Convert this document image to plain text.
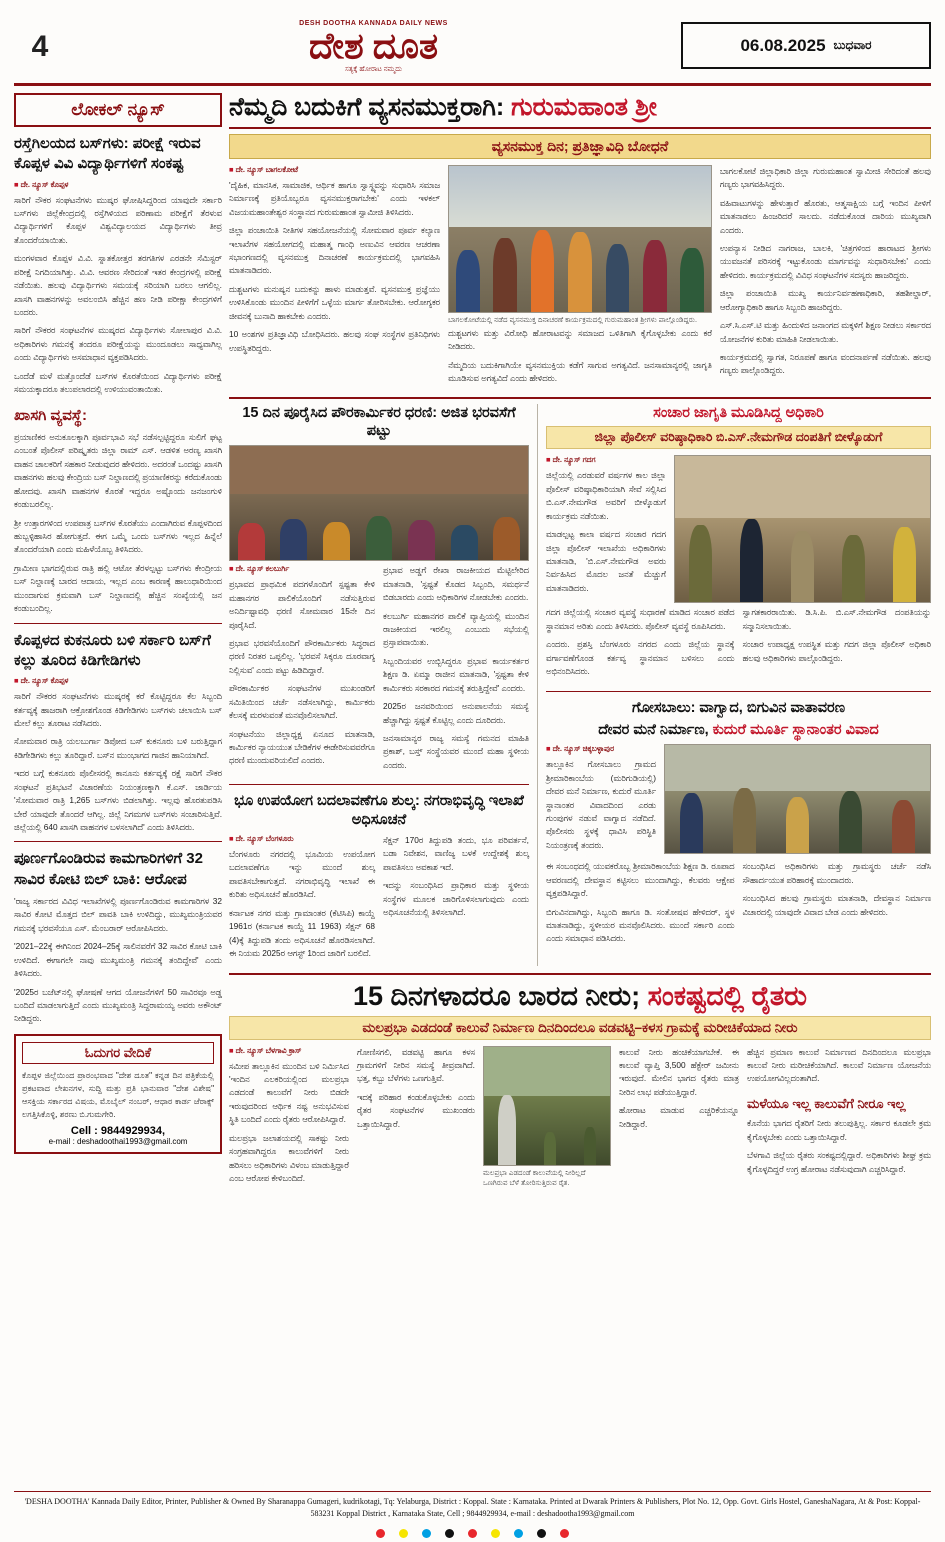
4
DESH DOOTHA KANNADA DAILY NEWS
ದೇಶ ದೂತ
ಸತ್ಯಕ್ಕೆ ಹೋರಾಟ ನಮ್ಮದು
06.08.2025 ಬುಧವಾರ
ಲೋಕಲ್ ನ್ಯೂಸ್
ರಸ್ತೆಗಿಲಯದ ಬಸ್‌ಗಳು: ಪರೀಕ್ಷೆ ಇರುವ ಕೊಪ್ಪಳ ವಿವಿ ವಿದ್ಯಾರ್ಥಿಗಳಿಗೆ ಸಂಕಷ್ಟ
■ ದೇ. ನ್ಯೂಸ್ ಕೊಪ್ಪಳ

ಸಾರಿಗೆ ನೌಕರ ಸಂಘಟನೆಗಳು ಮುಷ್ಕರ ಘೋಷಿಸಿದ್ದರಿಂದ ಯಾವುದೇ ಸರ್ಕಾರಿ ಬಸ್‌ಗಳು ಜಿಲ್ಲೆಕೇಂದ್ರದಲ್ಲಿ ರಸ್ತೆಗಿಳಿಯದ ಪರಿಣಾಮ ಪರೀಕ್ಷೆಗೆ ತೆರಳುವ ವಿದ್ಯಾರ್ಥಿಗಳಿಗೆ ಕೊಪ್ಪಳ ವಿಶ್ವವಿದ್ಯಾಲಯದ ವಿದ್ಯಾರ್ಥಿಗಳು ತೀವ್ರ ತೊಂದರೆಯಾಯಿತು.

ಮಂಗಳವಾರ ಕೊಪ್ಪಳ ವಿ.ವಿ. ಸ್ನಾತಕೋತ್ತರ ತರಗತಿಗಳ ಎರಡನೇ ಸೆಮಿಸ್ಟರ್ ಪರೀಕ್ಷೆ ನಿಗದಿಯಾಗಿತ್ತು. ವಿ.ವಿ. ಆವರಣ ಸೇರಿದಂತೆ ಇತರ ಕೇಂದ್ರಗಳಲ್ಲಿ ಪರೀಕ್ಷೆ ನಡೆಯಿತು. ಹಲವು ವಿದ್ಯಾರ್ಥಿಗಳು ಸಮಯಕ್ಕೆ ಸರಿಯಾಗಿ ಬರಲು ಆಗಲಿಲ್ಲ. ಖಾಸಗಿ ವಾಹನಗಳನ್ನು ಅವಲಂಬಿಸಿ ಹೆಚ್ಚಿನ ಹಣ ನೀಡಿ ಪರೀಕ್ಷಾ ಕೇಂದ್ರಗಳಿಗೆ ಬಂದರು.

ಸಾರಿಗೆ ನೌಕರರ ಸಂಘಟನೆಗಳ ಮುಷ್ಕರದ ವಿದ್ಯಾರ್ಥಿಗಳು ಸೋಲಾಪುರ ವಿ.ವಿ. ಅಧಿಕಾರಿಗಳು ಗಮನಕ್ಕೆ ತಂದರೂ ಪರೀಕ್ಷೆಯನ್ನು ಮುಂದೂಡಲು ಸಾಧ್ಯವಾಗಿಲ್ಲ ಎಂದು ವಿದ್ಯಾರ್ಥಿಗಳು ಅಸಮಾಧಾನ ವ್ಯಕ್ತಪಡಿಸಿದರು.

ಒಂದೆಡೆ ಮಳೆ ಮತ್ತೊಂದೆಡೆ ಬಸ್‌ಗಳ ಕೊರತೆಯಿಂದ ವಿದ್ಯಾರ್ಥಿಗಳು ಪರೀಕ್ಷೆ ಸಮಯಕ್ಕಾದರೂ ತಲುಪಲಾರದಲ್ಲಿ ಉಳಿಯುವಂತಾಯಿತು.

ಖಾಸಗಿ ವ್ಯವಸ್ಥೆ:

ಪ್ರಯಾಣಿಕರ ಅನುಕೂಲಕ್ಕಾಗಿ ಪೂರ್ವಭಾವಿ ಸಭೆ ನಡೆಸಲ್ಪಟ್ಟಿದ್ದರೂ ಸುಲಿಗೆ ಘಟ್ಟ ಎಂಬಂತೆ ಪೊಲೀಸ್ ಪರಿಷ್ಕೃತರು ಜಿಲ್ಲಾ ರಾಮ್ ಎಸ್. ಆಡಳಿತ ಅರಣ್ಯ ಖಾಸಗಿ ವಾಹನ ಚಾಲಕರಿಗೆ ಸಹಕಾರ ನೀಡುವುದರ ಹೇಳಿದರು. ಅದರಂತೆ ಒಂದಷ್ಟು ಖಾಸಗಿ ವಾಹನಗಳು ಹಲವು ಕೇಂದ್ರಿಯ ಬಸ್ ನಿಲ್ದಾಣದಲ್ಲಿ ಪ್ರಯಾಣಿಕರನ್ನು ಕರೆದುಕೊಂಡು ಹೋದವು. ಖಾಸಗಿ ವಾಹನಗಳ ಕೊರತೆ ಇದ್ದರೂ ಅಷ್ಟೊಂದು ಜನಜಂಗುಳಿ ಕಂಡುಬರಲಿಲ್ಲ.

ಶ್ರೀ ಉತ್ತಾರಗಳಿಂದ ಉಪಪಾತ್ರ ಬಸ್‌ಗಳ ಕೊರತೆಯು ಎಂದಾಗಿರುವ ಕೊಪ್ಪಳದಿಂದ ಹುಬ್ಬಳ್ಳಿಹಾಸಿರ ಹೋಗುತ್ತದೆ. ಈಗ ಒಮ್ಮೆ ಒಂದು ಬಸ್‌ಗಳು ಇಲ್ಲದ ಹಿನ್ನೆಲೆ ತೊಂದರೆಯಾಗಿ ಎಂದು ಮಹಿಳೆಯೊಬ್ಬ ತಿಳಿಸಿದರು.

ಗ್ರಾಮೀಣ ಭಾಗದಲ್ಲಿರುವ ರಾತ್ರಿ ಹಲ್ಲಿ ಆಟೋ ತೆರಳಲ್ಪಟ್ಟು ಬಸ್‌ಗಳು ಕೇಂದ್ರೀಯ ಬಸ್ ನಿಲ್ದಾಣಕ್ಕೆ ಬಾರದ ಆದಾಯ, ಇಲ್ಲದ ಎಂಬ ಕಾರಣಕ್ಕೆ ಹಾಲುಧಾರಿಯಿಂದ ಮುಂದಾಗುವ ಕ್ರಮವಾಗಿ ಬಸ್ ನಿಲ್ದಾಣದಲ್ಲಿ ಹೆಚ್ಚಿನ ಸಂಖ್ಯೆಯಲ್ಲಿ ಜನ ಕಂಡುಬಂದಿಲ್ಲ.

ಕೊಪ್ಪಳದ ಕುಕನೂರು ಬಳಿ ಸರ್ಕಾರಿ ಬಸ್‌ಗೆ ಕಲ್ಲು ತೂರಿದ ಕಿಡಿಗೇಡಿಗಳು
■ ದೇ. ನ್ಯೂಸ್ ಕೊಪ್ಪಳ

ಸಾರಿಗೆ ನೌಕರರ ಸಂಘಟನೆಗಳು ಮುಷ್ಕರಕ್ಕೆ ಕರೆ ಕೊಟ್ಟಿದ್ದರೂ ಕೆಲ ಸಿಬ್ಬಂದಿ ಕರ್ತವ್ಯಕ್ಕೆ ಹಾಜರಾಗಿ ಆಕ್ರೋಶಗೊಂಡ ಕಿಡಿಗೇಡಿಗಳು ಬಸ್‌ಗಳು ಚಲಾಯಿಸಿ ಬಸ್ ಮೇಲೆ ಕಲ್ಲು ತೂರಾಟ ನಡೆಸಿದರು.

ಸೋಮವಾರ ರಾತ್ರಿ ಯಲಬುರ್ಗಾ ಡಿಪೋದ ಬಸ್ ಕುಕನೂರು ಬಳಿ ಬರುತ್ತಿದ್ದಾಗ ಕಿಡಿಗೇಡಿಗಳು ಕಲ್ಲು ತೂರಿದ್ದಾರೆ. ಬಸ್‌ನ ಮುಂಭಾಗದ ಗಾಜಿನ ಹಾನಿಯಾಗಿದೆ.

ಇದರ ಬಗ್ಗೆ ಕುಕನೂರು ಪೊಲೀಸರಲ್ಲಿ ಕಾನೂನು ಕರ್ತವ್ಯಕ್ಕೆ ರಕ್ಷೆ ಸಾರಿಗೆ ನೌಕರ ಸಂಘಟನೆ ಪ್ರತಿಭಟನೆ ವಿಚಾರಣೆಯ ನಿಯಂತ್ರಣಕ್ಕಾಗಿ ಕೆ.ಎಸ್. ಜಾರ್ಡಿಯ 'ಸೋಮವಾರ ರಾತ್ರಿ 1,265 ಬಸ್‌ಗಳು ಬಿಡಲಾಗಿತ್ತು. ಇಲ್ಲವು ಹೊರತುಪಡಿಸಿ ಬೇರೆ ಯಾವುದೇ ತೊಂದರೆ ಆಗಿಲ್ಲ. ಜಿಲ್ಲೆ ನಿಗಮಗಳ ಬಸ್‌ಗಳು ಸಂಚಾರಿಸುತ್ತಿವೆ. ಜಿಲ್ಲೆಯಲ್ಲಿ 640 ಖಾಸಗಿ ವಾಹನಗಳ ಬಳಸಲಾಗಿದೆ' ಎಂದು ತಿಳಿಸಿದರು.

ಪೂರ್ಣಗೊಂಡಿರುವ ಕಾಮಗಾರಿಗಳಿಗೆ 32 ಸಾವಿರ ಕೋಟಿ ಬಿಲ್ ಬಾಕಿ: ಆರೋಪ

'ರಾಜ್ಯ ಸರ್ಕಾರದ ವಿವಿಧ ಇಲಾಖೆಗಳಲ್ಲಿ ಪೂರ್ಣಗೊಂಡಿರುವ ಕಾಮಗಾರಿಗಳ 32 ಸಾವಿರ ಕೋಟಿ ಮೊತ್ತದ ಬಿಲ್ ಪಾವತಿ ಬಾಕಿ ಉಳಿದಿದ್ದು, ಮುಖ್ಯಮಂತ್ರಿಯವರ ಗಮನಕ್ಕೆ ಭರವಸೆಯೂ ಎಸ್. ಮೆಂಬರಾರ್ ಆರೋಪಿಸಿದರು.

'2021–22ಕ್ಕೆ ಈಗಿನಿಂದ 2024–25ಕ್ಕೆ ಸಾಲಿನವರೆಗೆ 32 ಸಾವಿರ ಕೋಟಿ ಬಾಕಿ ಉಳಿದಿದೆ. ಈಗಾಗಲೇ ನಾವು ಮುಖ್ಯಮಂತ್ರಿ ಗಮನಕ್ಕೆ ತಂದಿದ್ದೇವೆ' ಎಂದು ತಿಳಿಸಿದರು.

'2025ರ ಬಜೆಟ್‌ನಲ್ಲಿ ಘೋಷಣೆ ಆಗದ ಯೋಜನೆಗಳಿಗೆ 50 ಸಾವಿರವೂ ಅಡ್ಡ ಬಂದಿದೆ ಮಾಡಲಾಗುತ್ತಿದೆ ಎಂದು ಮುಖ್ಯಮಂತ್ರಿ ಸಿದ್ದರಾಮಯ್ಯ ಅವರು ಅಕೌಂಟ್ ನೀಡಿದ್ದರು.

ಓದುಗರ ವೇದಿಕೆ
ಕೊಪ್ಪಳ ಜಿಲ್ಲೆಯಿಂದ ಪ್ರಾರಂಭವಾದ "ದೇಶ ದೂತ" ಕನ್ನಡ ದಿನ ಪತ್ರಿಕೆಯಲ್ಲಿ ಪ್ರಕಟವಾದ ಲೇಖನಗಳ, ಸುದ್ದಿ ಮತ್ತು ಪ್ರತಿ ಭಾನುವಾರ "ದೇಶ ವಿಶೇಷ" ಆಸಕ್ತಿಯ ಸರ್ಕಾರದ ವಿಷಯ, ಮೊಬೈಲ್ ನಂಬರ್, ಆಧಾರ ಕಾರ್ಡ ಜೆರಾಕ್ಸ್ ಲಗತ್ತಿಸಿಕೊಳ್ಳಿ, ಶರಣು ಬಿ.ಗುಮಗೇರಿ.
Cell : 9844929934,
e-mail : deshadoothai1993@gmail.com
ನೆಮ್ಮದಿ ಬದುಕಿಗೆ ವ್ಯಸನಮುಕ್ತರಾಗಿ: ಗುರುಮಹಾಂತ ಶ್ರೀ
ವ್ಯಸನಮುಕ್ತ ದಿನ; ಪ್ರತಿಜ್ಞಾವಿಧಿ ಬೋಧನೆ
■ ದೇ. ನ್ಯೂಸ್ ಬಾಗಲಕೋಟೆ

'ದೈಹಿಕ, ಮಾನಸಿಕ, ಸಾಮಾಜಿಕ, ಆರ್ಥಿಕ ಹಾಗೂ ಸ್ವಾಸ್ಥ್ಯವನ್ನು ಸುಧಾರಿಸಿ ಸಮಾಜ ನಿರ್ಮಾಣಕ್ಕೆ ಪ್ರತಿಯೊಬ್ಬರೂ ವ್ಯಸನಮುಕ್ತರಾಗಬೇಕು' ಎಂದು ಇಳಕಲ್ ವಿಜಯಮಹಾಂತೇಶ್ವರ ಸಂಸ್ಥಾನದ ಗುರುಮಹಾಂತ ಸ್ವಾಮೀಜಿ ತಿಳಿಸಿದರು.

ಜಿಲ್ಲಾ ಪಂಚಾಯಿತಿ ನೀತಿಗಳ ಸಹಯೋಜನೆಯಲ್ಲಿ ಸೋಮವಾರ ಪೂರ್ವ ಕಲ್ಯಾಣ ಇಲಾಖೆಗಳ ಸಹಯೋಗದಲ್ಲಿ ಮಹಾತ್ಮ ಗಾಂಧಿ ಅಣುವಿನ ಆವರಣ ಆಚರಣಾ ಸಭಾಂಗಣದಲ್ಲಿ ವ್ಯಸನಮುಕ್ತ ದಿನಾಚರಣೆ ಕಾರ್ಯಕ್ರಮದಲ್ಲಿ ಭಾಗವಹಿಸಿ ಮಾತನಾಡಿದರು.

ದುಶ್ಚಟಗಳು ಮನುಷ್ಯನ ಬದುಕನ್ನು ಹಾಳು ಮಾಡುತ್ತವೆ. ವ್ಯಸನಮುಕ್ತ ಪ್ರಜ್ಞೆಯು ಉಳಿಸಿಕೊಂಡು ಮುಂದಿನ ಪೀಳಿಗೆಗೆ ಒಳ್ಳೆಯ ಮಾರ್ಗ ತೋರಿಸಬೇಕು. ಆರೋಗ್ಯಕರ ಜೀವನಕ್ಕೆ ಬುನಾದಿ ಹಾಕಬೇಕು ಎಂದರು.

10 ಅಂಶಗಳ ಪ್ರತಿಜ್ಞಾವಿಧಿ ಬೋಧಿಸಿದರು. ಹಲವು ಸಂಘ ಸಂಸ್ಥೆಗಳ ಪ್ರತಿನಿಧಿಗಳು ಉಪಸ್ಥಿತರಿದ್ದರು.

ಬಾಗಲಕೋಟೆಯಲ್ಲಿ ನಡೆದ ವ್ಯಸನಮುಕ್ತ ದಿನಾಚರಣೆ ಕಾರ್ಯಕ್ರಮದಲ್ಲಿ ಗುರುಮಹಾಂತ ಶ್ರೀಗಳು ಪಾಲ್ಗೊಂಡಿದ್ದರು.

ದುಶ್ಚಟಗಳು ಮತ್ತು ವಿರೋಧಿ ಹೋರಾಟವನ್ನು ಸಮಾಜದ ಒಳಿತಿಗಾಗಿ ಕೈಗೊಳ್ಳಬೇಕು ಎಂದು ಕರೆ ನೀಡಿದರು.

ನೆಮ್ಮದಿಯ ಬದುಕಿಗಾಗಿಯೇ ವ್ಯಸನಮುಕ್ತಿಯ ಕಡೆಗೆ ಸಾಗುವ ಅಗತ್ಯವಿದೆ. ಜನಸಾಮಾನ್ಯರಲ್ಲಿ ಜಾಗೃತಿ ಮೂಡಿಸುವ ಅಗತ್ಯವಿದೆ ಎಂದು ಹೇಳಿದರು.

ಬಾಗಲಕೋಟೆ ಜಿಲ್ಲಾಧಿಕಾರಿ ಜಿಲ್ಲಾ ಗುರುಮಹಾಂತ ಸ್ವಾಮೀಜಿ ಸೇರಿದಂತೆ ಹಲವು ಗಣ್ಯರು ಭಾಗವಹಿಸಿದ್ದರು.

ವಹಿವಾಟುಗಳನ್ನು ಹೇಳುತ್ತಾರೆ ಹೊರತು, ಆತ್ಮಸಾಕ್ಷಿಯ ಬಗ್ಗೆ ಇಂದಿನ ಪೀಳಿಗೆ ಮಾತನಾಡಲು ಹಿಂಜರಿದರೆ ಸಾಲದು. ನಡೆದುಕೊಂಡ ದಾರಿಯ ಮುಖ್ಯವಾಗಿ ಎಂದರು.

ಉಪನ್ಯಾಸ ನೀಡಿದ ನಾಗರಾಜ, ಬಾಲಕಿ, 'ಚಿತ್ರಗಳಿಂದ ಹಾರಾಟದ ಶ್ರೀಗಳು ಯುವಜನತೆ ಪರಿಸರಕ್ಕೆ ಇಟ್ಟುಕೊಂಡು ಮಾರ್ಗವನ್ನು ಸುಧಾರಿಸಬೇಕು' ಎಂದು ಹೇಳಿದರು. ಕಾರ್ಯಕ್ರಮದಲ್ಲಿ ವಿವಿಧ ಸಂಘಟನೆಗಳ ಸದಸ್ಯರು ಹಾಜರಿದ್ದರು.

ಜಿಲ್ಲಾ ಪಂಚಾಯಿತಿ ಮುಖ್ಯ ಕಾರ್ಯನಿರ್ವಹಣಾಧಿಕಾರಿ, ತಹಶೀಲ್ದಾರ್, ಆರೋಗ್ಯಾಧಿಕಾರಿ ಹಾಗೂ ಸಿಬ್ಬಂದಿ ಹಾಜರಿದ್ದರು.

ಎಸ್.ಸಿ.ಎಸ್.ಟಿ ಮತ್ತು ಹಿಂದುಳಿದ ಜನಾಂಗದ ಮಕ್ಕಳಿಗೆ ಶಿಕ್ಷಣ ನೀಡಲು ಸರ್ಕಾರದ ಯೋಜನೆಗಳ ಕುರಿತು ಮಾಹಿತಿ ನೀಡಲಾಯಿತು.

ಕಾರ್ಯಕ್ರಮದಲ್ಲಿ ಸ್ವಾಗತ, ನಿರೂಪಣೆ ಹಾಗೂ ವಂದನಾರ್ಪಣೆ ನಡೆಯಿತು. ಹಲವು ಗಣ್ಯರು ಪಾಲ್ಗೊಂಡಿದ್ದರು.

15 ದಿನ ಪೂರೈಸಿದ ಪೌರಕಾರ್ಮಿಕರ ಧರಣಿ: ಅಜಿತ ಭರವಸೆಗೆ ಪಟ್ಟು
■ ದೇ. ನ್ಯೂಸ್ ಕಲಬುರ್ಗಿ

ಪ್ರಭಾವದ ಪ್ರಾಥಮಿಕ ಪದಗಳೊಂದಿಗೆ ಸ್ಪಷ್ಟತಾ ಕೇಳಿ ಮಹಾನಗರ ಪಾಲಿಕೆಯೊಂದಿಗೆ ನಡೆಸುತ್ತಿರುವ ಅನಿರ್ದಿಷ್ಟಾವಧಿ ಧರಣಿ ಸೋಮವಾರ 15ನೇ ದಿನ ಪೂರೈಸಿದೆ.

ಪ್ರಭಾವ ಭರವಸೆಯೊಂದಿಗೆ ಪೌರಕಾರ್ಮಿಕರು ಸಿದ್ಧರಾದ ಧರಣಿ ನಿರತರ ಒಪ್ಪಲಿಲ್ಲ. 'ಭರವಸೆ ಸಿಕ್ಕರೂ ದೂರವಾಗ್ಯ ನಿಲ್ಲಿಸುವ' ಎಂದು ಪಟ್ಟು ಹಿಡಿದಿದ್ದಾರೆ.

ಪೌರಕಾರ್ಮಿಕರ ಸಂಘಟನೆಗಳ ಮುಖಂಡರಿಗೆ ಸಮಿತಿಯಿಂದ ಚರ್ಚೆ ನಡೆಸಲಾಗಿದ್ದು, ಕಾರ್ಮಿಕರು ಕೆಲಸಕ್ಕೆ ಮರಳುವಂತೆ ಮನವೊಲಿಸಲಾಗಿದೆ.

ಸಂಘಟನೆಯು ಜಿಲ್ಲಾಧ್ಯಕ್ಷ ಏನೂದ ಮಾತನಾಡಿ, ಕಾರ್ಮಿಕರ ನ್ಯಾಯಯುತ ಬೇಡಿಕೆಗಳ ಈಡೇರಿಸುವವರೆಗೂ ಧರಣಿ ಮುಂದುವರಿಯಲಿದೆ ಎಂದರು.

ಪ್ರಭಾವ ಅಡ್ಡಗೆ ರೇಖಾ ರಾಜಕೀಯದ ಮೆಟ್ಟಿಲೇರಿದ ಮಾತನಾಡಿ, 'ಸ್ಪಷ್ಟತೆ ಕೊಡದ ಸಿಬ್ಬಂದಿ, ಸಮರ್ಥನೆ ಬಿಡಬಾರದು ಎಂದು ಅಧಿಕಾರಿಗಳ ನೋಡಬೇಕು ಎಂದರು.

ಕಲಬುರ್ಗಿ ಮಹಾನಗರ ಪಾಲಿಕೆ ವ್ಯಾಪ್ತಿಯಲ್ಲಿ ಮುಂದಿನ ರಾಜಕೀಯದ ಇರಲಿಲ್ಲ ಎಂಬುದು ಸಭೆಯಲ್ಲಿ ಪ್ರಸ್ತಾಪವಾಯಿತು.

ಸಿಬ್ಬಂದಿಯವರ ಉಬ್ಬಿಸಿದ್ದರೂ ಪ್ರಭಾವ ಕಾರ್ಯಕರ್ತರ ಶಿಕ್ಷಣ ಡಿ. ಏಮ್ಮಾ ರಾಜೀನ ಮಾತನಾಡಿ, 'ಸ್ಪಷ್ಟತಾ ಕೇಳಿ ಕಾರ್ಮಿಕರು ಸರಕಾರದ ಗಮನಕ್ಕೆ ತರುತ್ತಿದ್ದೇವೆ' ಎಂದರು.

2025ರ ಜನವರಿಯಿಂದ ಅನುಪಾಲನೆಯ ಸಮಸ್ಯೆ ಹೆಚ್ಚಾಗಿದ್ದು ಸ್ಪಷ್ಟತೆ ಕೊಟ್ಟಿಲ್ಲ ಎಂದು ದೂರಿದರು.

ಜನಸಾಮಾನ್ಯರ ರಾಜ್ಯ ಸಮಸ್ಯೆ ಗಮನದ ಮಾಹಿತಿ ಪ್ರಕಾಶ್, ಬಸ್ತ್ ಸಂಸ್ಥೆಯವರ ಮುಂದೆ ಮಹಾ ಸ್ಥಳೀಯ ಎಂದರು.

ಭೂ ಉಪಯೋಗ ಬದಲಾವಣೆಗೂ ಶುಲ್ಕ: ನಗರಾಭಿವೃದ್ಧಿ ಇಲಾಖೆ ಅಧಿಸೂಚನೆ
■ ದೇ. ನ್ಯೂಸ್ ಬೆಂಗಳೂರು

ಬೆಂಗಳೂರು ನಗರದಲ್ಲಿ ಭೂಮಿಯ ಉಪಯೋಗ ಬದಲಾವಣೆಗೂ ಇನ್ನು ಮುಂದೆ ಶುಲ್ಕ ಪಾವತಿಸಬೇಕಾಗುತ್ತದೆ. ನಗರಾಭಿವೃದ್ಧಿ ಇಲಾಖೆ ಈ ಕುರಿತು ಅಧಿಸೂಚನೆ ಹೊರಡಿಸಿದೆ.

ಕರ್ನಾಟಕ ನಗರ ಮತ್ತು ಗ್ರಾಮಾಂತರ (ಕೆಟಿಸಿಪಿ) ಕಾಯ್ದೆ 1961ರ (ಕರ್ನಾಟಕ ಕಾಯ್ದೆ 11 1963) ಸೆಕ್ಷನ್ 68 (4)ಕ್ಕೆ ತಿದ್ದುಪಡಿ ತಂದು ಅಧಿಸೂಚನೆ ಹೊರಡಿಸಲಾಗಿದೆ. ಈ ನಿಯಮ 2025ರ ಆಗಸ್ಟ್ 1ರಿಂದ ಜಾರಿಗೆ ಬರಲಿದೆ.

ಸೆಕ್ಷನ್ 170ರ ತಿದ್ದುಪಡಿ ತಂದು, ಭೂ ಪರಿವರ್ತನೆ, ಬಡಾ ನಿವೇಶನ, ವಾಣಿಜ್ಯ ಬಳಕೆ ಉದ್ದೇಶಕ್ಕೆ ಶುಲ್ಕ ಪಾವತಿಸಲು ಅವಕಾಶ ಇದೆ.

ಇದನ್ನು ಸಂಬಂಧಿಸಿದ ಪ್ರಾಧಿಕಾರ ಮತ್ತು ಸ್ಥಳೀಯ ಸಂಸ್ಥೆಗಳ ಮೂಲಕ ಜಾರಿಗೊಳಿಸಲಾಗುವುದು ಎಂದು ಅಧಿಸೂಚನೆಯಲ್ಲಿ ತಿಳಿಸಲಾಗಿದೆ.

ಸಂಚಾರ ಜಾಗೃತಿ ಮೂಡಿಸಿದ್ದ ಅಧಿಕಾರಿ
ಜಿಲ್ಲಾ ಪೊಲೀಸ್ ವರಿಷ್ಠಾಧಿಕಾರಿ ಬಿ.ಎಸ್.ನೇಮಗೌಡ ದಂಪತಿಗೆ ಬೀಳ್ಕೊಡುಗೆ
■ ದೇ. ನ್ಯೂಸ್ ಗದಗ

ಜಿಲ್ಲೆಯಲ್ಲಿ ಎರಡುವರೆ ವರ್ಷಗಳ ಕಾಲ ಜಿಲ್ಲಾ ಪೊಲೀಸ್ ವರಿಷ್ಠಾಧಿಕಾರಿಯಾಗಿ ಸೇವೆ ಸಲ್ಲಿಸಿದ ಬಿ.ಎಸ್.ನೇಮಗೌಡ ಅವರಿಗೆ ಬೀಳ್ಕೊಡುಗೆ ಕಾರ್ಯಕ್ರಮ ನಡೆಯಿತು.

ಮಾಡಲ್ಪಟ್ಟ ಕಾಲಾ ವರ್ಷದ ಸಂಚಾರ ಗದಗ ಜಿಲ್ಲಾ ಪೊಲೀಸ್ ಇಲಾಖೆಯ ಅಧಿಕಾರಿಗಳು ಮಾತನಾಡಿ, 'ಬಿ.ಎಸ್.ನೇಮಗೌಡ ಅವರು ನಿರ್ವಹಿಸಿದ ಮೊದಲ ಜನತೆ ಮೆಚ್ಚುಗೆ ಮಾತನಾಡಿದರು.

ಗದಗ ಜಿಲ್ಲೆಯಲ್ಲಿ ಸಂಚಾರ ವ್ಯವಸ್ಥೆ ಸುಧಾರಣೆ ಮಾಡಿದ ಸಂಚಾರ ಪಡೆದ ಸ್ಥಾನಮಾನ ಅರಿತು ಎಂದು ತಿಳಿಸಿದರು. ಪೊಲೀಸ್ ವ್ಯವಸ್ಥೆ ರೂಪಿಸಿದರು.

ಎಂದರು. ಪ್ರಶಸ್ತಿ ಬೆಂಗಳೂರು ನಗರದ ಎಂದು ಜಿಲ್ಲೆಯ ಸ್ಥಾನಕ್ಕೆ ವರ್ಗಾವಣೆಗೊಂಡ ಕರ್ತವ್ಯ ಸ್ಥಾನಮಾನ ಬಳಿಸಲು ಎಂದು ಅಭಿನಂದಿಸಿದರು.

ಸ್ವಾಗತಕಾರರಾಯಿತು. ಡಿ.ಸಿ.ಪಿ. ಬಿ.ಎಸ್.ನೇಮಗೌಡ ದಂಪತಿಯನ್ನು ಸನ್ಮಾನಿಸಲಾಯಿತು.

ಸಂಚಾರ ಉಪಾಧ್ಯಕ್ಷ ಉಪಸ್ಥಿತ ಮತ್ತು ಗದಗ ಜಿಲ್ಲಾ ಪೊಲೀಸ್ ಅಧಿಕಾರಿ ಹಲವು ಅಧಿಕಾರಿಗಳು ಪಾಲ್ಗೊಂಡಿದ್ದರು.

ಗೋಸಬಾಲು: ವಾಗ್ವಾದ, ಬಿಗುವಿನ ವಾತಾವರಣ
ದೇವರ ಮನೆ ನಿರ್ಮಾಣ, ಕುದುರೆ ಮೂರ್ತಿ ಸ್ಥಾನಾಂತರ ವಿವಾದ
■ ದೇ. ನ್ಯೂಸ್ ಚಿಕ್ಕಬಳ್ಳಾಪುರ

ತಾಲ್ಲೂಕಿನ ಗೋಸಬಾಲು ಗ್ರಾಮದ ಶ್ರೀಮಾರಿಕಾಂಬೆಯ (ಮರಿಗುಡಿಯಲ್ಲಿ) ದೇವರ ಮನೆ ನಿರ್ಮಾಣ, ಕುದುರೆ ಮೂರ್ತಿ ಸ್ಥಾನಾಂತರ ವಿವಾದದಿಂದ ಎರಡು ಗುಂಪುಗಳ ನಡುವೆ ವಾಗ್ವಾದ ನಡೆದಿದೆ. ಪೊಲೀಸರು ಸ್ಥಳಕ್ಕೆ ಧಾವಿಸಿ ಪರಿಸ್ಥಿತಿ ನಿಯಂತ್ರಣಕ್ಕೆ ತಂದರು.

ಈ ಸಂಬಂಧದಲ್ಲಿ ಯುವಕರೊಬ್ಬ ಶ್ರೀಮಾರಿಕಾಂಬೆಯ ಶಿಕ್ಷಣ ಡಿ. ರೂಪಾದ ಆವರಣದಲ್ಲಿ ದೇವಸ್ಥಾನ ಕಟ್ಟಿಸಲು ಮುಂದಾಗಿದ್ದು, ಕೆಲವರು ಆಕ್ಷೇಪ ವ್ಯಕ್ತಪಡಿಸಿದ್ದಾರೆ.

ಬಿಗುವಿನದಾಗಿದ್ದು, ಸಿಬ್ಬಂದಿ ಹಾಗೂ ಡಿ. ಸಂತೋಷವ ಹೇಳಿದರ್, ಸ್ಥಳ ಮಾತನಾಡಿದ್ದು, ಸ್ಥಳೀಯರ ಮನವೊಲಿಸಿದರು. ಮುಂದೆ ಸರ್ಕಾರಿ ಎಂದು ಎಂದು ಸಮಾಧಾನ ಪಡಿಸಿದರು.

ಸಂಬಂಧಿಸಿದ ಅಧಿಕಾರಿಗಳು ಮತ್ತು ಗ್ರಾಮಸ್ಥರು ಚರ್ಚೆ ನಡೆಸಿ ಸೌಹಾರ್ದಯುತ ಪರಿಹಾರಕ್ಕೆ ಮುಂದಾದರು.

ಸಂಬಂಧಿಸಿದ ಹಲವು ಗ್ರಾಮಸ್ಥರು ಮಾತನಾಡಿ, ದೇವಸ್ಥಾನ ನಿರ್ಮಾಣ ವಿಚಾರದಲ್ಲಿ ಯಾವುದೇ ವಿವಾದ ಬೇಡ ಎಂದು ಹೇಳಿದರು.

15 ದಿನಗಳಾದರೂ ಬಾರದ ನೀರು; ಸಂಕಷ್ಟದಲ್ಲಿ ರೈತರು
ಮಲಪ್ರಭಾ ಎಡದಂಡೆ ಕಾಲುವೆ ನಿರ್ಮಾಣ ದಿನದಿಂದಲೂ ವಡವಟ್ಟಿ–ಕಳಸ ಗ್ರಾಮಕ್ಕೆ ಮರೀಚಿಕೆಯಾದ ನೀರು
■ ದೇ. ನ್ಯೂಸ್ ಬೆಳಗಾವಿ ಕ್ರಾಸ್

ಸಮೀಪ ತಾಲ್ಲೂಕಿನ ಮುಂದಿನ ಬಳಿ ನಿರ್ಮಿಸಿದ 'ಇಂದಿನ ಎಲಕರಿಯಲ್ಲಿಂದ ಮಲಪ್ರಭಾ ಎಡದಂಡೆ ಕಾಲುವೆಗೆ ನೀರು ಬಿಡದೇ ಇರುವುದರಿಂದ ಆರ್ಥಿಕ ನಷ್ಟ ಅನುಭವಿಸುವ ಸ್ಥಿತಿ ಬಂದಿದೆ ಎಂದು ರೈತರು ಆರೋಪಿಸಿದ್ದಾರೆ.

ಮಲಪ್ರಭಾ ಜಲಾಶಯದಲ್ಲಿ ಸಾಕಷ್ಟು ನೀರು ಸಂಗ್ರಹವಾಗಿದ್ದರೂ ಕಾಲುವೆಗಳಿಗೆ ನೀರು ಹರಿಸಲು ಅಧಿಕಾರಿಗಳು ವಿಳಂಬ ಮಾಡುತ್ತಿದ್ದಾರೆ ಎಂಬ ಆರೋಪ ಕೇಳಿಬಂದಿದೆ.

ಗೋಣಿಸಗಲಿ, ವಡವಟ್ಟಿ ಹಾಗೂ ಕಳಸ ಗ್ರಾಮಗಳಿಗೆ ನೀರಿನ ಸಮಸ್ಯೆ ತೀವ್ರವಾಗಿದೆ. ಭತ್ತ, ಕಬ್ಬು ಬೆಳೆಗಳು ಒಣಗುತ್ತಿವೆ.

ಇದಕ್ಕೆ ಪರಿಹಾರ ಕಂಡುಕೊಳ್ಳಬೇಕು ಎಂದು ರೈತರ ಸಂಘಟನೆಗಳ ಮುಖಂಡರು ಒತ್ತಾಯಿಸಿದ್ದಾರೆ.

ಮಲಪ್ರಭಾ ಎಡದಂಡೆ ಕಾಲುವೆಯಲ್ಲಿ ನೀರಿಲ್ಲದೆ ಒಣಗಿರುವ ಬೆಳೆ ತೋರಿಸುತ್ತಿರುವ ರೈತ.

ಕಾಲುವೆ ನೀರು ಹಂಚಿಕೆಯಾಗಬೇಕೆ. ಈ ಕಾಲುವೆ ವ್ಯಾಪ್ತಿ 3,500 ಹೆಕ್ಟೇರ್ ಜಮೀನು ಇರುವುದೆ. ಮೇಲಿನ ಭಾಗದ ರೈತರು ಮಾತ್ರ ನೀರಿನ ಲಾಭ ಪಡೆಯುತ್ತಿದ್ದಾರೆ.

ಹೋರಾಟ ಮಾಡುವ ಎಚ್ಚರಿಕೆಯನ್ನೂ ನೀಡಿದ್ದಾರೆ.

ಹೆಚ್ಚಿನ ಪ್ರಮಾಣ ಕಾಲುವೆ ನಿರ್ಮಾಣದ ದಿನದಿಂದಲೂ ಮಲಪ್ರಭಾ ಕಾಲುವೆ ನೀರು ಮರೀಚಿಕೆಯಾಗಿದೆ. ಕಾಲುವೆ ನಿರ್ಮಾಣ ಯೋಜನೆಯ ಉಪಯೋಗವಿಲ್ಲದಂತಾಗಿದೆ.

ಮಳೆಯೂ ಇಲ್ಲ ಕಾಲುವೆಗೆ ನೀರೂ ಇಲ್ಲ

ಕೊನೆಯ ಭಾಗದ ರೈತರಿಗೆ ನೀರು ತಲುಪುತ್ತಿಲ್ಲ. ಸರ್ಕಾರ ಕೂಡಲೇ ಕ್ರಮ ಕೈಗೊಳ್ಳಬೇಕು ಎಂದು ಒತ್ತಾಯಿಸಿದ್ದಾರೆ.

ಬೆಳಗಾವಿ ಜಿಲ್ಲೆಯ ರೈತರು ಸಂಕಷ್ಟದಲ್ಲಿದ್ದಾರೆ. ಅಧಿಕಾರಿಗಳು ಶೀಘ್ರ ಕ್ರಮ ಕೈಗೊಳ್ಳದಿದ್ದರೆ ಉಗ್ರ ಹೋರಾಟ ನಡೆಸುವುದಾಗಿ ಎಚ್ಚರಿಸಿದ್ದಾರೆ.

'DESHA DOOTHA' Kannada Daily Editor, Printer, Publisher & Owned By Sharanappa Gumageri, kudrikotagi, Tq: Yelaburga, District : Koppal. State : Karnataka. Printed at Dwarak Printers & Publishers, Plot No. 12, Opp. Govt. Girls Hostel, GaneshaNagara, At & Post: Koppal-583231 Koppal District , Karnataka State, Cell ; 9844929934, e-mail : deshadootha1993@gmail.com
